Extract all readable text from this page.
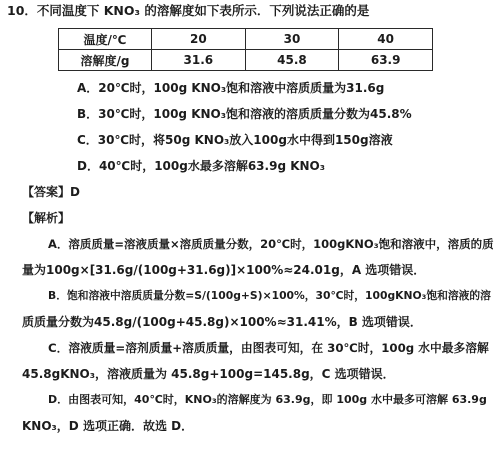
10．不同温度下 KNO₃ 的溶解度如下表所示．下列说法正确的是
温度/℃	20	30	40
溶解度/g	31.6	45.8	63.9
A．20℃时，100g KNO₃饱和溶液中溶质质量为31.6g
B．30℃时，100g KNO₃饱和溶液的溶质质量分数为45.8%
C．30℃时，将50g KNO₃放入100g水中得到150g溶液
D．40℃时，100g水最多溶解63.9g KNO₃
【答案】D
【解析】
A．溶质质量=溶液质量×溶质质量分数，20℃时，100gKNO₃饱和溶液中，溶质的质
量为100g×[31.6g/(100g+31.6g)]×100%≈24.01g，A 选项错误．
B．饱和溶液中溶质质量分数=S/(100g+S)×100%，30℃时，100gKNO₃饱和溶液的溶
质质量分数为45.8g/(100g+45.8g)×100%≈31.41%，B 选项错误．
C．溶液质量=溶剂质量+溶质质量，由图表可知，在 30℃时，100g 水中最多溶解
45.8gKNO₃，溶液质量为 45.8g+100g=145.8g，C 选项错误．
D．由图表可知，40℃时，KNO₃的溶解度为 63.9g，即 100g 水中最多可溶解 63.9g
KNO₃，D 选项正确．故选 D．
